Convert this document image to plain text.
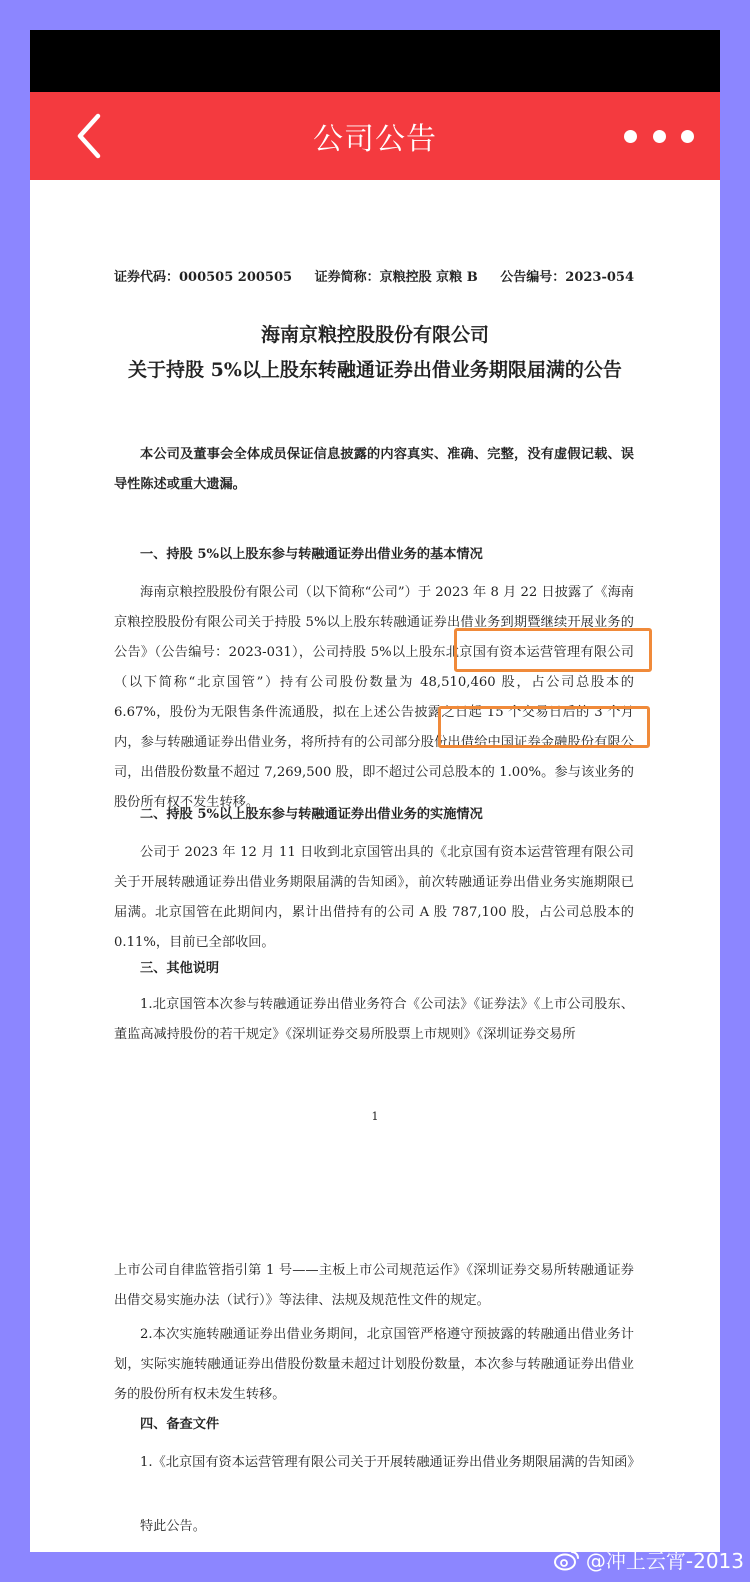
公司公告
证券代码：000505 200505 证券简称：京粮控股 京粮 B 公告编号：2023-054
海南京粮控股股份有限公司
关于持股 5%以上股东转融通证券出借业务期限届满的公告

本公司及董事会全体成员保证信息披露的内容真实、准确、完整，没有虚假记载、误导性陈述或重大遗漏。

一、持股 5%以上股东参与转融通证券出借业务的基本情况

海南京粮控股股份有限公司（以下简称“公司”）于 2023 年 8 月 22 日披露了《海南京粮控股股份有限公司关于持股 5%以上股东转融通证券出借业务到期暨继续开展业务的公告》（公告编号：2023-031），公司持股 5%以上股东北京国有资本运营管理有限公司（以下简称“北京国管”）持有公司股份数量为 48,510,460 股，占公司总股本的 6.67%，股份为无限售条件流通股，拟在上述公告披露之日起 15 个交易日后的 3 个月内，参与转融通证券出借业务，将所持有的公司部分股份出借给中国证券金融股份有限公司，出借股份数量不超过 7,269,500 股，即不超过公司总股本的 1.00%。参与该业务的股份所有权不发生转移。

二、持股 5%以上股东参与转融通证券出借业务的实施情况

公司于 2023 年 12 月 11 日收到北京国管出具的《北京国有资本运营管理有限公司关于开展转融通证券出借业务期限届满的告知函》，前次转融通证券出借业务实施期限已届满。北京国管在此期间内，累计出借持有的公司 A 股 787,100 股，占公司总股本的 0.11%，目前已全部收回。

三、其他说明

1.北京国管本次参与转融通证券出借业务符合《公司法》《证券法》《上市公司股东、董监高减持股份的若干规定》《深圳证券交易所股票上市规则》《深圳证券交易所

1

上市公司自律监管指引第 1 号——主板上市公司规范运作》《深圳证券交易所转融通证券出借交易实施办法（试行）》等法律、法规及规范性文件的规定。

2.本次实施转融通证券出借业务期间，北京国管严格遵守预披露的转融通出借业务计划，实际实施转融通证券出借股份数量未超过计划股份数量，本次参与转融通证券出借业务的股份所有权未发生转移。

四、备查文件

1.《北京国有资本运营管理有限公司关于开展转融通证券出借业务期限届满的告知函》

特此公告。

@冲上云宵-2013
